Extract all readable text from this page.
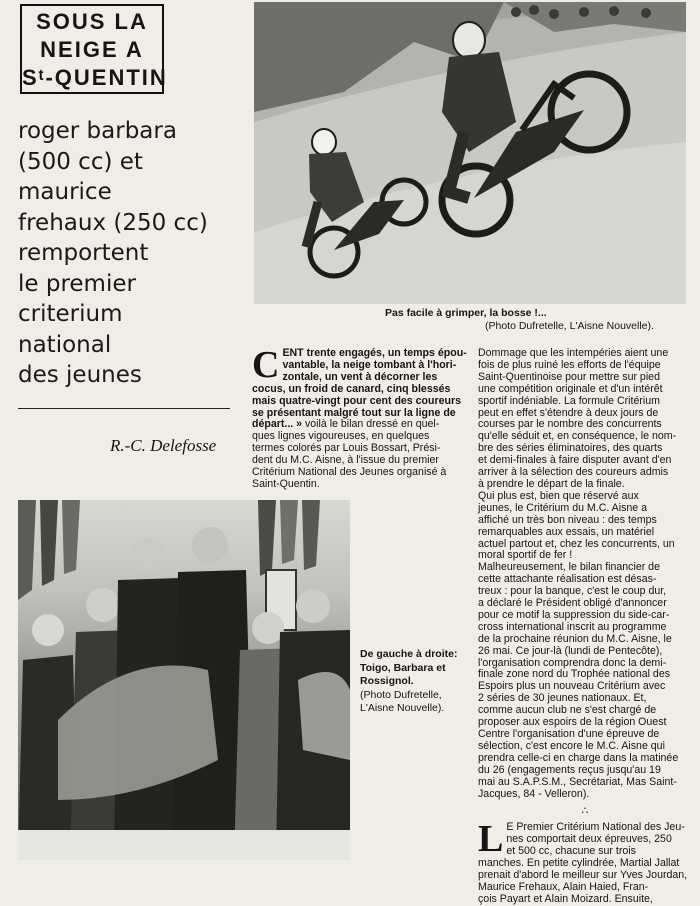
SOUS LA
NEIGE A
Sᵗ-QUENTIN
roger barbara
(500 cc) et
maurice
frehaux (250 cc)
remportent
le premier
criterium
national
des jeunes
R.-C. Delefosse
Pas facile à grimper, la bosse !...
(Photo Dufretelle, L'Aisne Nouvelle).
De gauche à droite:
Toigo, Barbara et
Rossignol.
(Photo Dufretelle,
L'Aisne Nouvelle).
C ENT trente engagés, un temps épou-
vantable, la neige tombant à l'hori-
zontale, un vent à décorner les
cocus, un froid de canard, cinq blessés
mais quatre-vingt pour cent des coureurs
se présentant malgré tout sur la ligne de
départ... » voilà le bilan dressé en quel-
ques lignes vigoureuses, en quelques
termes colorés par Louis Bossart, Prési-
dent du M.C. Aisne, à l'issue du premier
Critérium National des Jeunes organisé à
Saint-Quentin.
Dommage que les intempéries aient une
fois de plus ruiné les efforts de l'équipe
Saint-Quentinoise pour mettre sur pied
une compétition originale et d'un intérêt
sportif indéniable. La formule Critérium
peut en effet s'étendre à deux jours de
courses par le nombre des concurrents
qu'elle séduit et, en conséquence, le nom-
bre des séries éliminatoires, des quarts
et demi-finales à faire disputer avant d'en
arriver à la sélection des coureurs admis
à prendre le départ de la finale.
Qui plus est, bien que réservé aux
jeunes, le Critérium du M.C. Aisne a
affiché un très bon niveau : des temps
remarquables aux essais, un matériel
actuel partout et, chez les concurrents, un
moral sportif de fer !
Malheureusement, le bilan financier de
cette attachante réalisation est désas-
treux : pour la banque, c'est le coup dur,
a déclaré le Président obligé d'annoncer
pour ce motif la suppression du side-car-
cross international inscrit au programme
de la prochaine réunion du M.C. Aisne, le
26 mai. Ce jour-là (lundi de Pentecôte),
l'organisation comprendra donc la demi-
finale zone nord du Trophée national des
Espoirs plus un nouveau Critérium avec
2 séries de 30 jeunes nationaux. Et,
comme aucun club ne s'est chargé de
proposer aux espoirs de la région Ouest
Centre l'organisation d'une épreuve de
sélection, c'est encore le M.C. Aisne qui
prendra celle-ci en charge dans la matinée
du 26 (engagements reçus jusqu'au 19
mai au S.A.P.S.M., Secrétariat, Mas Saint-
Jacques, 84 - Velleron).
∴
L E Premier Critérium National des Jeu-
nes comportait deux épreuves, 250
et 500 cc, chacune sur trois
manches. En petite cylindrée, Martial Jallat
prenait d'abord le meilleur sur Yves Jourdan,
Maurice Frehaux, Alain Haied, Fran-
çois Payart et Alain Moizard. Ensuite,
